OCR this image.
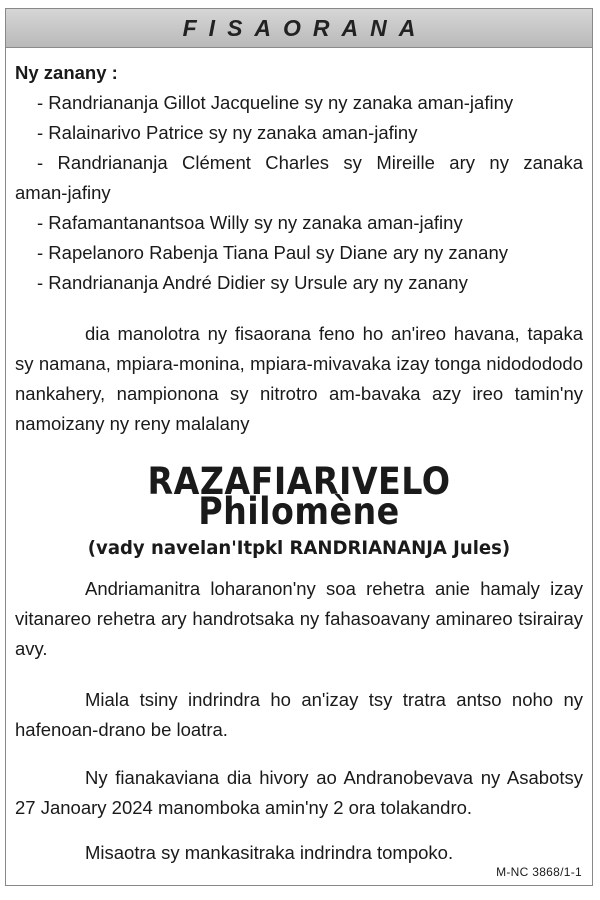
FISAORANA
Ny zanany :
- Randriananja Gillot Jacqueline sy ny zanaka aman-jafiny
- Ralainarivo Patrice sy ny zanaka aman-jafiny
- Randriananja Clément Charles sy Mireille ary ny zanaka
aman-jafiny
- Rafamantanantsoa Willy sy ny zanaka aman-jafiny
- Rapelanoro Rabenja Tiana Paul sy Diane ary ny zanany
- Randriananja André Didier sy Ursule ary ny zanany

dia manolotra ny fisaorana feno ho an'ireo havana, tapaka sy namana, mpiara-monina, mpiara-mivavaka izay tonga nidodododo nankahery, nampionona sy nitrotro am-bavaka azy ireo tamin'ny namoizany ny reny malalany

RAZAFIARIVELO Philomène
(vady navelan'Itpkl RANDRIANANJA Jules)

Andriamanitra loharanon'ny soa rehetra anie hamaly izay vitanareo rehetra ary handrotsaka ny fahasoavany aminareo tsirairay avy.

Miala tsiny indrindra ho an'izay tsy tratra antso noho ny hafenoan-drano be loatra.

Ny fianakaviana dia hivory ao Andranobevava ny Asabotsy 27 Janoary 2024 manomboka amin'ny 2 ora tolakandro.

Misaotra sy mankasitraka indrindra tompoko.

M-NC 3868/1-1
